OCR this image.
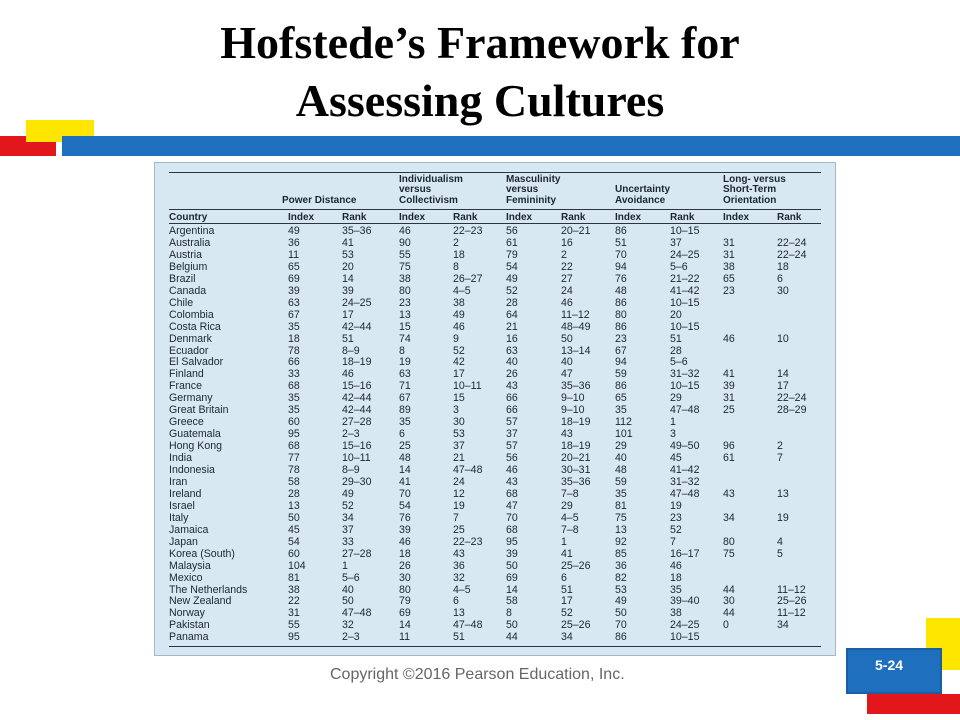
Hofstede’s Framework for
Assessing Cultures
Power Distance
Individualism
versus
Collectivism
Masculinity
versus
Femininity
Uncertainty
Avoidance
Long- versus
Short-Term
Orientation
Country	Index	Rank	Index	Rank	Index	Rank	Index	Rank	Index	Rank
Argentina	49	35–36	46	22–23 56	20–21 86	10–15
Australia	36	41	90	2	61	16	51	37	31	22–24
Austria	11	53	55	18	79	2	70	24–25 31	22–24
Belgium	65	20	75	8	54	22	94	5–6	38	18
Brazil	69	14	38	26–27 49	27	76	21–22 65	6
Canada	39	39	80	4–5	52	24	48	41–42 23	30
Chile	63	24–25	23	38	28	46	86	10–15
Colombia	67	17	13	49	64	11–12 80	20
Costa Rica	35	42–44	15	46	21	48–49 86	10–15
Denmark	18	51	74	9	16	50	23	51	46	10
Ecuador	78	8–9	8	52	63	13–14 67	28
El Salvador	66	18–19	19	42	40	40	94	5–6
Finland	33	46	63	17	26	47	59	31–32 41	14
France	68	15–16	71	10–11 43	35–36 86	10–15 39	17
Germany	35	42–44	67	15	66	9–10	65	29	31	22–24
Great Britain	35	42–44	89	3	66	9–10	35	47–48 25	28–29
Greece	60	27–28	35	30	57	18–19 112	1
Guatemala	95	2–3	6	53	37	43	101	3
Hong Kong	68	15–16	25	37	57	18–19 29	49–50 96	2
India	77	10–11	48	21	56	20–21 40	45	61	7
Indonesia	78	8–9	14	47–48 46	30–31 48	41–42
Iran	58	29–30	41	24	43	35–36 59	31–32
Ireland	28	49	70	12	68	7–8	35	47–48 43	13
Israel	13	52	54	19	47	29	81	19
Italy	50	34	76	7	70	4–5	75	23	34	19
Jamaica	45	37	39	25	68	7–8	13	52
Japan	54	33	46	22–23 95	1	92	7	80	4
Korea (South)	60	27–28	18	43	39	41	85	16–17 75	5
Malaysia	104	1	26	36	50	25–26 36	46
Mexico	81	5–6	30	32	69	6	82	18
The Netherlands	38	40	80	4–5	14	51	53	35	44	11–12
New Zealand	22	50	79	6	58	17	49	39–40 30	25–26
Norway	31	47–48	69	13	8	52	50	38	44	11–12
Pakistan	55	32	14	47–48 50	25–26 70	24–25 0	34
Panama	95	2–3	11	51	44	34	86	10–15
5-24
Copyright ©2016 Pearson Education, Inc.
